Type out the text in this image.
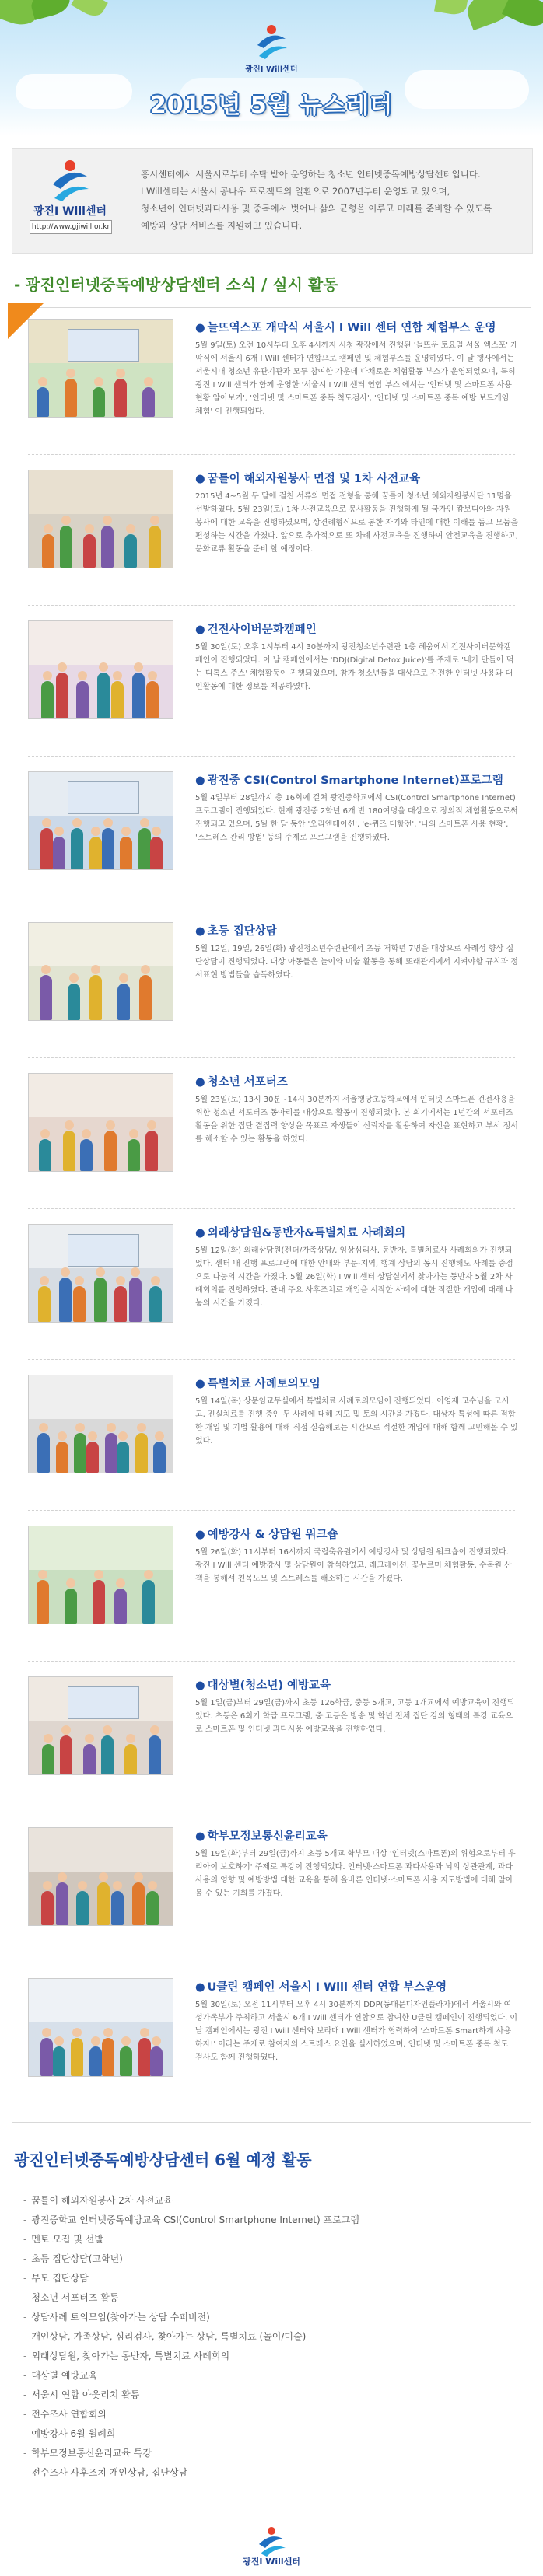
광진I Will센터
2015년 5월 뉴스레터
광진I Will센터
http://www.gjiwill.or.kr
홍시센터에서 서울시로부터 수탁 받아 운영하는 청소년 인터넷중독예방상담센터입니다.
I Will센터는 서울시 공나우 프로젝트의 일환으로 2007년부터 운영되고 있으며,
청소년이 인터넷과다사용 및 중독에서 벗어나 삶의 균형을 이루고 미래를 준비할 수 있도록
예방과 상담 서비스를 지원하고 있습니다.
- 광진인터넷중독예방상담센터 소식 / 실시 활동
● 늘뜨역스포 개막식 서울시 I Will 센터 연합 체험부스 운영
5월 9일(토) 오전 10시부터 오후 4시까지 시청 광장에서 진행된 '늘뜨운 토요일 서울 엑스포' 개막식에 서울시 6개 I Will 센터가 연합으로 캠페인 및 체험부스를 운영하였다. 이 날 행사에서는 서울시내 청소년 유관기관과 모두 참여한 가운데 다채로운 체험활동 부스가 운영되었으며, 특히 광진 I Will 센터가 함께 운영한 '서울시 I Will 센터 연합 부스'에서는 '인터넷 및 스마트폰 사용 현황 알아보기', '인터넷 및 스마트폰 중독 척도검사', '인터넷 및 스마트폰 중독 예방 보드게임 체험' 이 진행되었다.
● 꿈틀이 해외자원봉사 면접 및 1차 사전교육
2015년 4~5월 두 달에 걸친 서류와 면접 전형을 통해 꿈틀이 청소년 해외자원봉사단 11명을 선발하였다. 5월 23일(토) 1차 사전교육으로 봉사활동을 진행하게 될 국가인 캄보디아와 자원봉사에 대한 교육을 진행하였으며, 상견례형식으로 통한 자기와 타인에 대한 이해를 돕고 모둠을 편성하는 시간을 가졌다. 앞으로 추가적으로 또 차례 사전교육을 진행하여 안전교육을 진행하고, 문화교류 활동을 준비 할 예정이다.
● 건전사이버문화캠페인
5월 30일(토) 오후 1시부터 4시 30분까지 광진청소년수련관 1층 혜움에서 건전사이버문화캠페인이 진행되었다. 이 날 캠페인에서는 'DDJ(Digital Detox Juice)'를 주제로 '내가 만들어 먹는 디톡스 주스' 체험활동이 진행되었으며, 참가 청소년들을 대상으로 건전한 인터넷 사용과 대인활동에 대한 정보를 제공하였다.
● 광진중 CSI(Control Smartphone Internet)프로그램
5월 4일부터 28일까지 총 16회에 걸쳐 광진중학교에서 CSI(Control Smartphone Internet) 프로그램이 진행되었다. 현재 광진중 2학년 6개 반 180여명을 대상으로 장의적 체험활동으로써 진행되고 있으며, 5월 한 달 동안 '오리엔테이션', 'e-퀴즈 대항전', '나의 스마트폰 사용 현황', '스트레스 관리 방법' 등의 주제로 프로그램을 진행하였다.
● 초등 집단상담
5월 12일, 19일, 26일(화) 광진청소년수련관에서 초등 저학년 7명을 대상으로 사례성 향상 집단상담이 진행되었다. 대상 아동들은 놀이와 미술 활동을 통해 또래관계에서 지켜야할 규칙과 정서표현 방법들을 습득하였다.
● 청소년 서포터즈
5월 23일(토) 13시 30분~14시 30분까지 서울행당초등학교에서 인터넷 스마트폰 건전사용을 위한 청소년 서포터즈 동아리를 대상으로 활동이 진행되었다. 본 회기에서는 1년간의 서포터즈 활동을 위한 집단 결집력 향상을 목표로 자생들이 신뢰자를 활용하여 자신을 표현하고 부서 정서를 해소할 수 있는 활동을 하였다.
● 외래상담원&동반자&특별치료 사례회의
5월 12일(화) 외래상담원(젠더/가족상담/, 임상심리사, 동반자, 특별치료사 사례회의가 진행되었다. 센터 내 진행 프로그램에 대한 안내와 부문-지역, 행계 상담의 동시 진행해도 사례를 중점으로 나눔의 시간을 가졌다. 5월 26일(화) I Will 센터 상담실에서 찾아가는 동반자 5월 2차 사례회의를 진행하였다. 관내 주요 사후조치로 개입을 시작한 사례에 대한 적절한 개입에 대해 나눔의 시간을 가졌다.
● 특별치료 사례토의모임
5월 14일(목) 상문임교무실에서 특별치료 사례토의모임이 진행되었다. 이영재 교수님을 모시고, 진실치료를 진행 중인 두 사례에 대해 지도 및 토의 시간을 가졌다. 대상자 특성에 따른 적합한 개입 및 기법 활용에 대해 직접 실습해보는 시간으로 적절한 개입에 대해 함께 고민해볼 수 있었다.
● 예방강사 & 상담원 워크숍
5월 26일(화) 11시부터 16시까지 국립축유원에서 예방강사 및 상담원 워크숍이 진행되었다. 광진 I Will 센터 예방강사 및 상담원이 참석하였고, 레크레이션, 꽃누르미 체험활동, 수목원 산책을 통해서 친목도모 및 스트레스를 해소하는 시간을 가졌다.
● 대상별(청소년) 예방교육
5월 1일(금)부터 29일(금)까지 초등 126학급, 중등 5개교, 고등 1개교에서 예방교육이 진행되었다. 초등은 6회기 학급 프로그램, 중·고등은 방송 및 학년 전체 집단 강의 형태의 특강 교육으로 스마트폰 및 인터넷 과다사용 예방교육을 진행하였다.
● 학부모정보통신윤리교육
5월 19일(화)부터 29일(금)까지 초등 5개교 학부모 대상 '인터넷(스마트폰)의 위험으로부터 우리아이 보호하기' 주제로 특강이 진행되었다. 인터넷·스마트폰 과다사용과 뇌의 상관관계, 과다사용의 영향 및 예방방법 대한 교육을 통해 올바른 인터넷·스마트폰 사용 지도방법에 대해 알아볼 수 있는 기회를 가졌다.
● U클린 캠페인 서울시 I Will 센터 연합 부스운영
5월 30일(토) 오전 11시부터 오후 4시 30분까지 DDP(동대문디자인플라자)에서 서울시와 여성가족부가 주최하고 서울시 6개 I Will 센터가 연합으로 참여한 U클린 캠페인이 진행되었다. 이 날 캠페인에서는 광진 I Will 센터와 보라매 I Will 센터가 협력하여 '스마트폰 Smart하게 사용하자!' 이라는 주제로 참여자의 스트레스 요인을 실시하였으며, 인터넷 및 스마트폰 중독 척도 검사도 함께 진행하였다.
광진인터넷중독예방상담센터 6월 예정 활동
- 꿈틀이 해외자원봉사 2차 사전교육
- 광진중학교 인터넷중독예방교육 CSI(Control Smartphone Internet) 프로그램
- 멘토 모집 및 선발
- 초등 집단상담(고학년)
- 부모 집단상담
- 청소년 서포터즈 활동
- 상담사례 토의모임(찾아가는 상담 수퍼비전)
- 개인상담, 가족상담, 심리검사, 찾아가는 상담, 특별치료 (놀이/미술)
- 외래상담원, 찾아가는 동반자, 특별치료 사례회의
- 대상별 예방교육
- 서울시 연합 아웃리치 활동
- 전수조사 연합회의
- 예방강사 6월 월례회
- 학부모정보통신윤리교육 특강
- 전수조사 사후조치 개인상담, 집단상담
광진I Will센터
